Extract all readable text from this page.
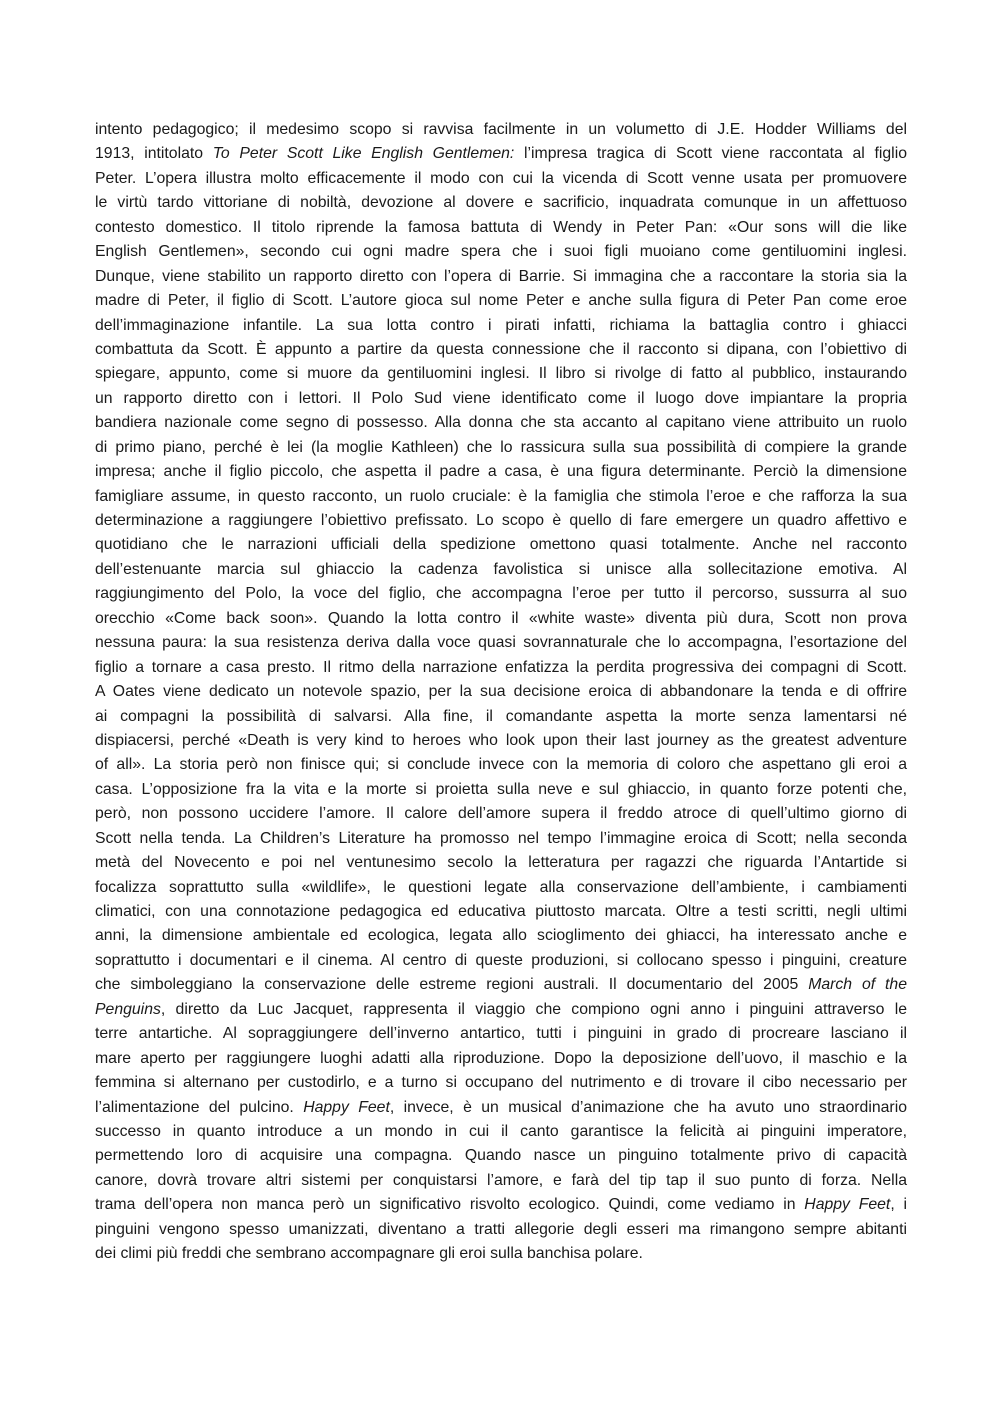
intento pedagogico; il medesimo scopo si ravvisa facilmente in un volumetto di J.E. Hodder Williams del
1913, intitolato To Peter Scott Like English Gentlemen: l’impresa tragica di Scott viene raccontata al figlio
Peter. L’opera illustra molto efficacemente il modo con cui la vicenda di Scott venne usata per promuovere
le virtù tardo vittoriane di nobiltà, devozione al dovere e sacrificio, inquadrata comunque in un affettuoso
contesto domestico. Il titolo riprende la famosa battuta di Wendy in Peter Pan: «Our sons will die like
English Gentlemen», secondo cui ogni madre spera che i suoi figli muoiano come gentiluomini inglesi.
Dunque, viene stabilito un rapporto diretto con l’opera di Barrie. Si immagina che a raccontare la storia sia la
madre di Peter, il figlio di Scott. L’autore gioca sul nome Peter e anche sulla figura di Peter Pan come eroe
dell’immaginazione infantile. La sua lotta contro i pirati infatti, richiama la battaglia contro i ghiacci
combattuta da Scott. È appunto a partire da questa connessione che il racconto si dipana, con l’obiettivo di
spiegare, appunto, come si muore da gentiluomini inglesi. Il libro si rivolge di fatto al pubblico, instaurando
un rapporto diretto con i lettori. Il Polo Sud viene identificato come il luogo dove impiantare la propria
bandiera nazionale come segno di possesso. Alla donna che sta accanto al capitano viene attribuito un ruolo
di primo piano, perché è lei (la moglie Kathleen) che lo rassicura sulla sua possibilità di compiere la grande
impresa; anche il figlio piccolo, che aspetta il padre a casa, è una figura determinante. Perciò la dimensione
famigliare assume, in questo racconto, un ruolo cruciale: è la famiglia che stimola l’eroe e che rafforza la sua
determinazione a raggiungere l’obiettivo prefissato. Lo scopo è quello di fare emergere un quadro affettivo e
quotidiano che le narrazioni ufficiali della spedizione omettono quasi totalmente. Anche nel racconto
dell’estenuante marcia sul ghiaccio la cadenza favolistica si unisce alla sollecitazione emotiva. Al
raggiungimento del Polo, la voce del figlio, che accompagna l’eroe per tutto il percorso, sussurra al suo
orecchio «Come back soon». Quando la lotta contro il «white waste» diventa più dura, Scott non prova
nessuna paura: la sua resistenza deriva dalla voce quasi sovrannaturale che lo accompagna, l’esortazione del
figlio a tornare a casa presto. Il ritmo della narrazione enfatizza la perdita progressiva dei compagni di Scott.
A Oates viene dedicato un notevole spazio, per la sua decisione eroica di abbandonare la tenda e di offrire
ai compagni la possibilità di salvarsi. Alla fine, il comandante aspetta la morte senza lamentarsi né
dispiacersi, perché «Death is very kind to heroes who look upon their last journey as the greatest adventure
of all». La storia però non finisce qui; si conclude invece con la memoria di coloro che aspettano gli eroi a
casa. L’opposizione fra la vita e la morte si proietta sulla neve e sul ghiaccio, in quanto forze potenti che,
però, non possono uccidere l’amore. Il calore dell’amore supera il freddo atroce di quell’ultimo giorno di
Scott nella tenda. La Children’s Literature ha promosso nel tempo l’immagine eroica di Scott; nella seconda
metà del Novecento e poi nel ventunesimo secolo la letteratura per ragazzi che riguarda l’Antartide si
focalizza soprattutto sulla «wildlife», le questioni legate alla conservazione dell’ambiente, i cambiamenti
climatici, con una connotazione pedagogica ed educativa piuttosto marcata. Oltre a testi scritti, negli ultimi
anni, la dimensione ambientale ed ecologica, legata allo scioglimento dei ghiacci, ha interessato anche e
soprattutto i documentari e il cinema. Al centro di queste produzioni, si collocano spesso i pinguini, creature
che simboleggiano la conservazione delle estreme regioni australi. Il documentario del 2005 March of the
Penguins, diretto da Luc Jacquet, rappresenta il viaggio che compiono ogni anno i pinguini attraverso le
terre antartiche. Al sopraggiungere dell’inverno antartico, tutti i pinguini in grado di procreare lasciano il
mare aperto per raggiungere luoghi adatti alla riproduzione. Dopo la deposizione dell’uovo, il maschio e la
femmina si alternano per custodirlo, e a turno si occupano del nutrimento e di trovare il cibo necessario per
l’alimentazione del pulcino. Happy Feet, invece, è un musical d’animazione che ha avuto uno straordinario
successo in quanto introduce a un mondo in cui il canto garantisce la felicità ai pinguini imperatore,
permettendo loro di acquisire una compagna. Quando nasce un pinguino totalmente privo di capacità
canore, dovrà trovare altri sistemi per conquistarsi l’amore, e farà del tip tap il suo punto di forza. Nella
trama dell’opera non manca però un significativo risvolto ecologico. Quindi, come vediamo in Happy Feet, i
pinguini vengono spesso umanizzati, diventano a tratti allegorie degli esseri ma rimangono sempre abitanti
dei climi più freddi che sembrano accompagnare gli eroi sulla banchisa polare.
